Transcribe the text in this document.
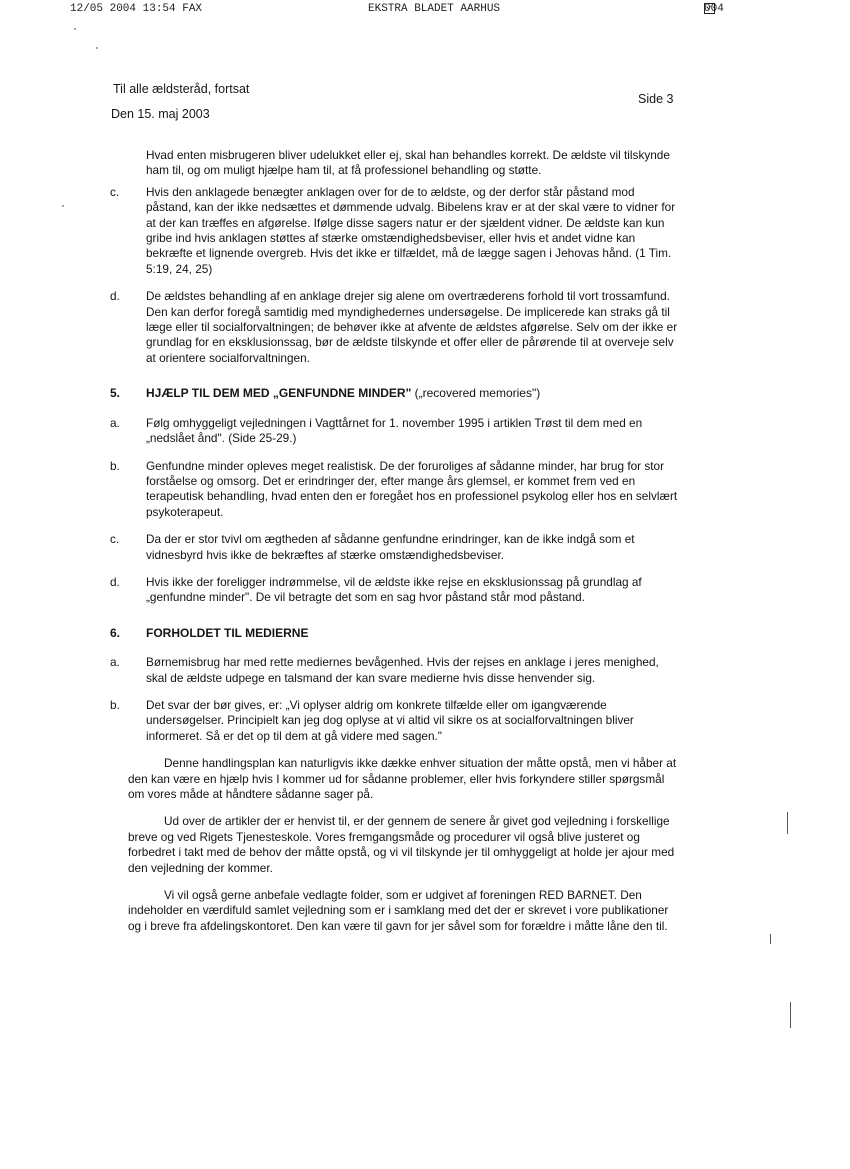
12/05 2004 13:54 FAX	EKSTRA BLADET AARHUS
✓	004
Til alle ældsteråd, fortsat
Den 15. maj 2003
Side 3

Hvad enten misbrugeren bliver udelukket eller ej, skal han behandles korrekt. De ældste vil tilskynde ham til, og om muligt hjælpe ham til, at få professionel behandling og støtte.

c. Hvis den anklagede benægter anklagen over for de to ældste, og der derfor står påstand mod påstand, kan der ikke nedsættes et dømmende udvalg. Bibelens krav er at der skal være to vidner for at der kan træffes en afgørelse. Ifølge disse sagers natur er der sjældent vidner. De ældste kan kun gribe ind hvis anklagen støttes af stærke omstændighedsbeviser, eller hvis et andet vidne kan bekræfte et lignende overgreb. Hvis det ikke er tilfældet, må de lægge sagen i Jehovas hånd. (1 Tim. 5:19, 24, 25)
d. De ældstes behandling af en anklage drejer sig alene om overtræderens forhold til vort trossamfund. Den kan derfor foregå samtidig med myndighedernes undersøgelse. De implicerede kan straks gå til læge eller til socialforvaltningen; de behøver ikke at afvente de ældstes afgørelse. Selv om der ikke er grundlag for en eksklusionssag, bør de ældste tilskynde et offer eller de pårørende til at overveje selv at orientere socialforvaltningen.
5. HJÆLP TIL DEM MED „GENFUNDNE MINDER" („recovered memories")
a. Følg omhyggeligt vejledningen i Vagttårnet for 1. november 1995 i artiklen Trøst til dem med en „nedslået ånd". (Side 25-29.)
b. Genfundne minder opleves meget realistisk. De der foruroliges af sådanne minder, har brug for stor forståelse og omsorg. Det er erindringer der, efter mange års glemsel, er kommet frem ved en terapeutisk behandling, hvad enten den er foregået hos en professionel psykolog eller hos en selvlært psykoterapeut.
c. Da der er stor tvivl om ægtheden af sådanne genfundne erindringer, kan de ikke indgå som et vidnesbyrd hvis ikke de bekræftes af stærke omstændighedsbeviser.
d. Hvis ikke der foreligger indrømmelse, vil de ældste ikke rejse en eksklusionssag på grundlag af „genfundne minder". De vil betragte det som en sag hvor påstand står mod påstand.
6. FORHOLDET TIL MEDIERNE
a. Børnemisbrug har med rette mediernes bevågenhed. Hvis der rejses en anklage i jeres menighed, skal de ældste udpege en talsmand der kan svare medierne hvis disse henvender sig.
b. Det svar der bør gives, er: „Vi oplyser aldrig om konkrete tilfælde eller om igangværende undersøgelser. Principielt kan jeg dog oplyse at vi altid vil sikre os at socialforvaltningen bliver informeret. Så er det op til dem at gå videre med sagen."

Denne handlingsplan kan naturligvis ikke dække enhver situation der måtte opstå, men vi håber at den kan være en hjælp hvis I kommer ud for sådanne problemer, eller hvis forkyndere stiller spørgsmål om vores måde at håndtere sådanne sager på.

Ud over de artikler der er henvist til, er der gennem de senere år givet god vejledning i forskellige breve og ved Rigets Tjenesteskole. Vores fremgangsmåde og procedurer vil også blive justeret og forbedret i takt med de behov der måtte opstå, og vi vil tilskynde jer til omhyggeligt at holde jer ajour med den vejledning der kommer.

Vi vil også gerne anbefale vedlagte folder, som er udgivet af foreningen RED BARNET. Den indeholder en værdifuld samlet vejledning som er i samklang med det der er skrevet i vore publikationer og i breve fra afdelingskontoret. Den kan være til gavn for jer såvel som for forældre i måtte låne den til.
